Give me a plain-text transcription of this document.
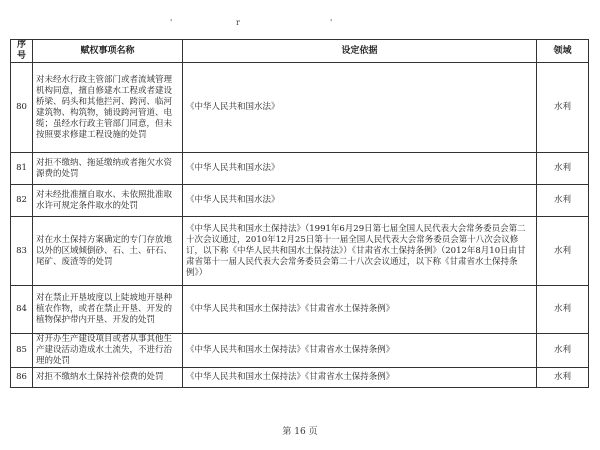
'	r	'
序号	赋权事项名称	设定依据	领域
80	对未经水行政主管部门或者流域管理机构同意，擅自修建水工程或者建设桥梁、码头和其他拦河、跨河、临河建筑物、构筑物，铺设跨河管道、电缆；虽经水行政主管部门同意，但未按照要求修建工程设施的处罚	《中华人民共和国水法》	水利
81	对拒不缴纳、拖延缴纳或者拖欠水资源费的处罚	《中华人民共和国水法》	水利
82	对未经批准擅自取水、未依照批准取水许可规定条件取水的处罚	《中华人民共和国水法》	水利
83	对在水土保持方案确定的专门存放地以外的区域倾倒砂、石、土、矸石、尾矿、废渣等的处罚	《中华人民共和国水土保持法》（1991年6月29日第七届全国人民代表大会常务委员会第二十次会议通过，2010年12月25日第十一届全国人民代表大会常务委员会第十八次会议修订，以下称《中华人民共和国水土保持法》）《甘肃省水土保持条例》（2012年8月10日由甘肃省第十一届人民代表大会常务委员会第二十八次会议通过，以下称《甘肃省水土保持条例》）	水利
84	对在禁止开垦坡度以上陡坡地开垦种植农作物，或者在禁止开垦、开发的植物保护带内开垦、开发的处罚	《中华人民共和国水土保持法》《甘肃省水土保持条例》	水利
85	对开办生产建设项目或者从事其他生产建设活动造成水土流失，不进行治理的处罚	《中华人民共和国水土保持法》《甘肃省水土保持条例》	水利
86	对拒不缴纳水土保持补偿费的处罚	《中华人民共和国水土保持法》《甘肃省水土保持条例》	水利
第 16 页
